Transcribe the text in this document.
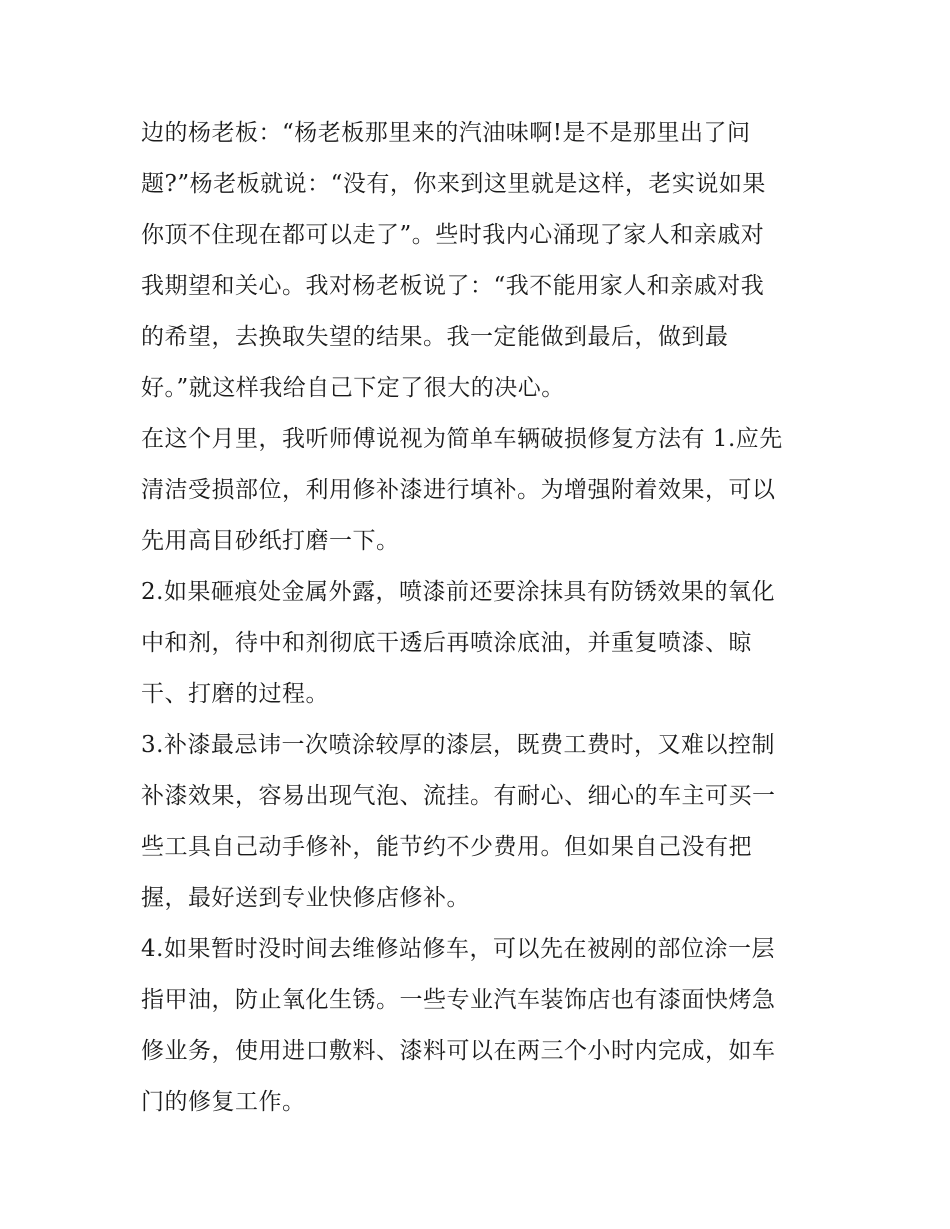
边的杨老板：“杨老板那里来的汽油味啊!是不是那里出了问
题?”杨老板就说：“没有，你来到这里就是这样，老实说如果
你顶不住现在都可以走了”。些时我内心涌现了家人和亲戚对
我期望和关心。我对杨老板说了：“我不能用家人和亲戚对我
的希望，去换取失望的结果。我一定能做到最后，做到最
好。”就这样我给自己下定了很大的决心。
在这个月里，我听师傅说视为简单车辆破损修复方法有 1.应先
清洁受损部位，利用修补漆进行填补。为增强附着效果，可以
先用高目砂纸打磨一下。
2.如果砸痕处金属外露，喷漆前还要涂抹具有防锈效果的氧化
中和剂，待中和剂彻底干透后再喷涂底油，并重复喷漆、晾
干、打磨的过程。
3.补漆最忌讳一次喷涂较厚的漆层，既费工费时，又难以控制
补漆效果，容易出现气泡、流挂。有耐心、细心的车主可买一
些工具自己动手修补，能节约不少费用。但如果自己没有把
握，最好送到专业快修店修补。
4.如果暂时没时间去维修站修车，可以先在被剐的部位涂一层
指甲油，防止氧化生锈。一些专业汽车装饰店也有漆面快烤急
修业务，使用进口敷料、漆料可以在两三个小时内完成，如车
门的修复工作。
